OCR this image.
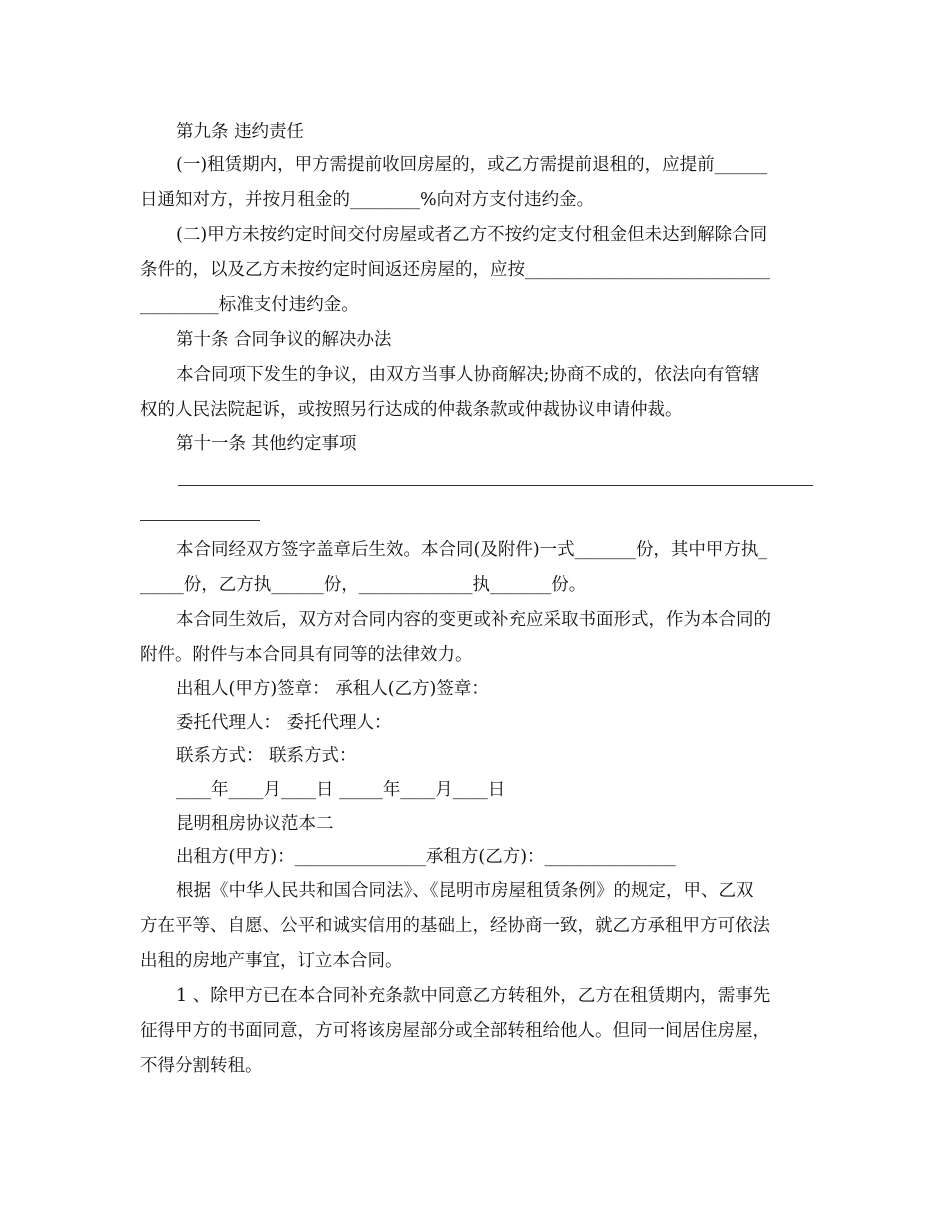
第九条 违约责任
(一)租赁期内，甲方需提前收回房屋的，或乙方需提前退租的，应提前______
日通知对方，并按月租金的________%向对方支付违约金。
(二)甲方未按约定时间交付房屋或者乙方不按约定支付租金但未达到解除合同
条件的，以及乙方未按约定时间返还房屋的，应按____________________________
_________标准支付违约金。
第十条 合同争议的解决办法
本合同项下发生的争议，由双方当事人协商解决;协商不成的，依法向有管辖
权的人民法院起诉，或按照另行达成的仲裁条款或仲裁协议申请仲裁。
第十一条 其他约定事项
本合同经双方签字盖章后生效。本合同(及附件)一式_______份，其中甲方执_
_____份，乙方执______份，_____________执_______份。
本合同生效后，双方对合同内容的变更或补充应采取书面形式，作为本合同的
附件。附件与本合同具有同等的法律效力。
出租人(甲方)签章： 承租人(乙方)签章：
委托代理人： 委托代理人：
联系方式： 联系方式：
____年____月____日 _____年____月____日
昆明租房协议范本二
出租方(甲方)：_______________承租方(乙方)：_______________
根据《中华人民共和国合同法》、《昆明市房屋租赁条例》的规定，甲、乙双
方在平等、自愿、公平和诚实信用的基础上，经协商一致，就乙方承租甲方可依法
出租的房地产事宜，订立本合同。
1 、除甲方已在本合同补充条款中同意乙方转租外，乙方在租赁期内，需事先
征得甲方的书面同意，方可将该房屋部分或全部转租给他人。但同一间居住房屋，
不得分割转租。
